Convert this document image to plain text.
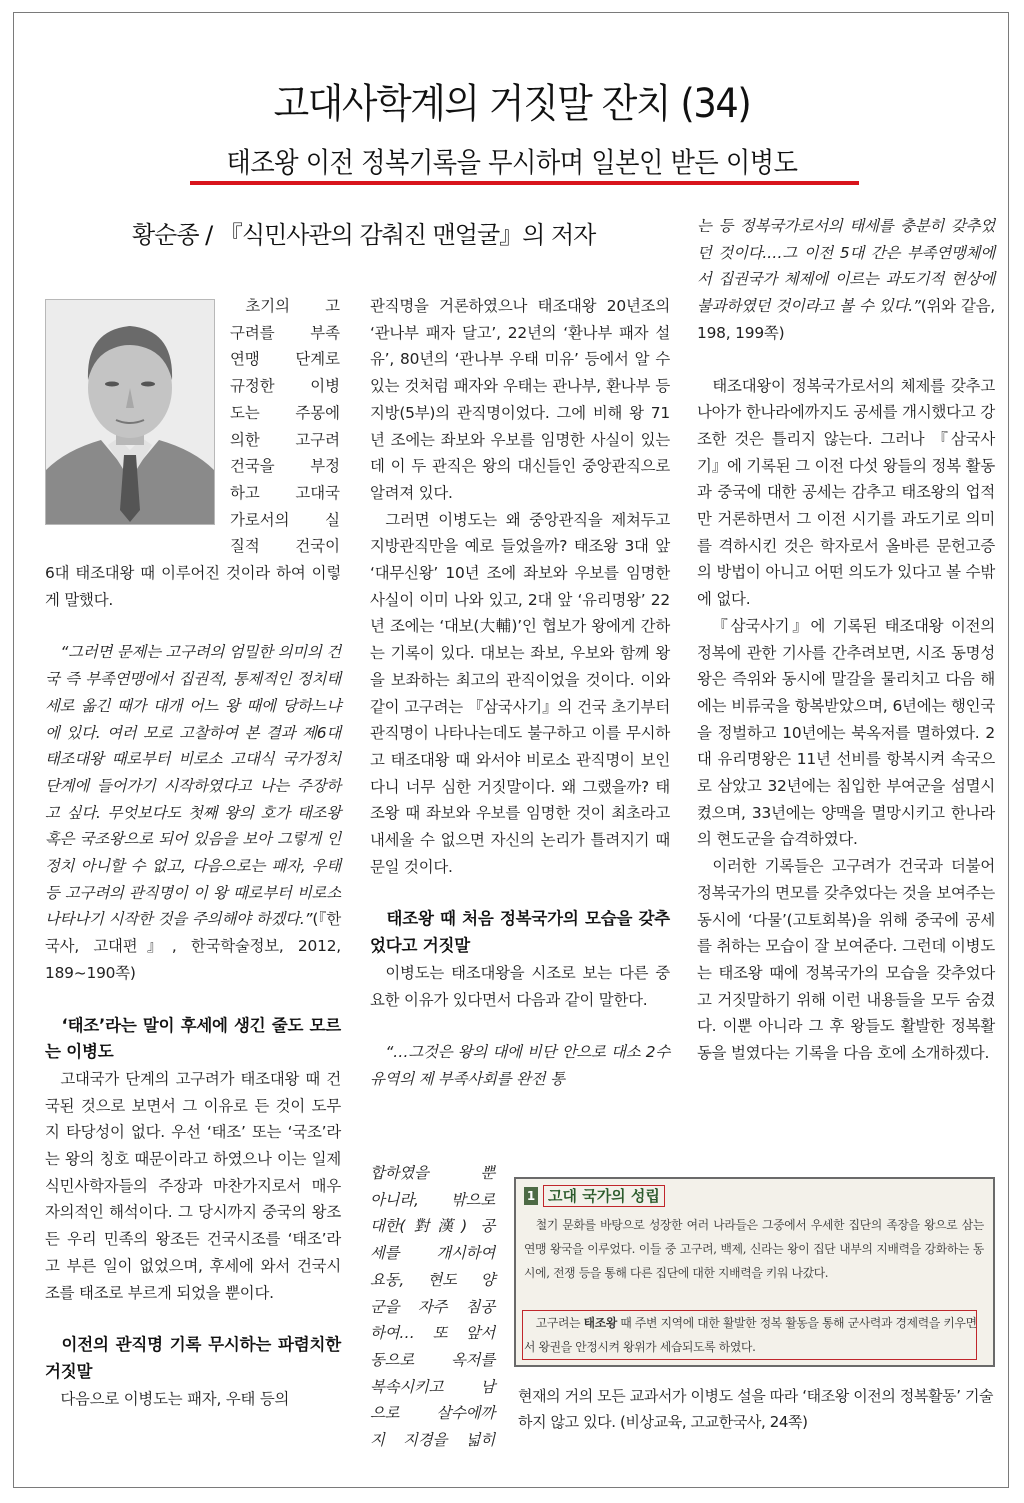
고대사학계의 거짓말 잔치 (34)
태조왕 이전 정복기록을 무시하며 일본인 받든 이병도
황순종 / 『식민사관의 감춰진 맨얼굴』의 저자
초기의 고
구려를 부족
연맹 단계로
규정한 이병
도는 주몽에
의한 고구려
건국을 부정
하고 고대국
가로서의 실
질적 건국이

6대 태조대왕 때 이루어진 것이라 하여 이렇게 말했다.

“그러면 문제는 고구려의 엄밀한 의미의 건국 즉 부족연맹에서 집권적, 통제적인 정치태세로 옮긴 때가 대개 어느 왕 때에 당하느냐에 있다. 여러 모로 고찰하여 본 결과 제6대 태조대왕 때로부터 비로소 고대식 국가정치 단계에 들어가기 시작하였다고 나는 주장하고 싶다. 무엇보다도 첫째 왕의 호가 태조왕 혹은 국조왕으로 되어 있음을 보아 그렇게 인정치 아니할 수 없고, 다음으로는 패자, 우태 등 고구려의 관직명이 이 왕 때로부터 비로소 나타나기 시작한 것을 주의해야 하겠다.”(『한국사, 고대편』, 한국학술정보, 2012, 189~190쪽)

‘태조’라는 말이 후세에 생긴 줄도 모르는 이병도

고대국가 단계의 고구려가 태조대왕 때 건국된 것으로 보면서 그 이유로 든 것이 도무지 타당성이 없다. 우선 ‘태조’ 또는 ‘국조’라는 왕의 칭호 때문이라고 하였으나 이는 일제 식민사학자들의 주장과 마찬가지로서 매우 자의적인 해석이다. 그 당시까지 중국의 왕조든 우리 민족의 왕조든 건국시조를 ‘태조’라고 부른 일이 없었으며, 후세에 와서 건국시조를 태조로 부르게 되었을 뿐이다.

이전의 관직명 기록 무시하는 파렴치한 거짓말

다음으로 이병도는 패자, 우태 등의

관직명을 거론하였으나 태조대왕 20년조의 ‘관나부 패자 달고’, 22년의 ‘환나부 패자 설유’, 80년의 ‘관나부 우태 미유’ 등에서 알 수 있는 것처럼 패자와 우태는 관나부, 환나부 등 지방(5부)의 관직명이었다. 그에 비해 왕 71년 조에는 좌보와 우보를 임명한 사실이 있는데 이 두 관직은 왕의 대신들인 중앙관직으로 알려져 있다.

그러면 이병도는 왜 중앙관직을 제쳐두고 지방관직만을 예로 들었을까? 태조왕 3대 앞 ‘대무신왕’ 10년 조에 좌보와 우보를 임명한 사실이 이미 나와 있고, 2대 앞 ‘유리명왕’ 22년 조에는 ‘대보(大輔)’인 협보가 왕에게 간하는 기록이 있다. 대보는 좌보, 우보와 함께 왕을 보좌하는 최고의 관직이었을 것이다. 이와 같이 고구려는 『삼국사기』의 건국 초기부터 관직명이 나타나는데도 불구하고 이를 무시하고 태조대왕 때 와서야 비로소 관직명이 보인다니 너무 심한 거짓말이다. 왜 그랬을까? 태조왕 때 좌보와 우보를 임명한 것이 최초라고 내세울 수 없으면 자신의 논리가 틀려지기 때문일 것이다.

태조왕 때 처음 정복국가의 모습을 갖추었다고 거짓말

이병도는 태조대왕을 시조로 보는 다른 중요한 이유가 있다면서 다음과 같이 말한다.

“…그것은 왕의 대에 비단 안으로 대소 2수 유역의 제 부족사회를 완전 통

합하였을 뿐
아니라, 밖으로
대한(對漢) 공
세를 개시하여
요동, 현도 양
군을 자주 침공
하여… 또 앞서
동으로 옥저를
복속시키고 남
으로 살수에까
지 지경을 넓히

는 등 정복국가로서의 태세를 충분히 갖추었던 것이다.…그 이전 5대 간은 부족연맹체에서 집권국가 체제에 이르는 과도기적 현상에 불과하였던 것이라고 볼 수 있다.”(위와 같음, 198, 199쪽)

태조대왕이 정복국가로서의 체제를 갖추고 나아가 한나라에까지도 공세를 개시했다고 강조한 것은 틀리지 않는다. 그러나 『삼국사기』에 기록된 그 이전 다섯 왕들의 정복 활동과 중국에 대한 공세는 감추고 태조왕의 업적만 거론하면서 그 이전 시기를 과도기로 의미를 격하시킨 것은 학자로서 올바른 문헌고증의 방법이 아니고 어떤 의도가 있다고 볼 수밖에 없다.

『삼국사기』에 기록된 태조대왕 이전의 정복에 관한 기사를 간추려보면, 시조 동명성왕은 즉위와 동시에 말갈을 물리치고 다음 해에는 비류국을 항복받았으며, 6년에는 행인국을 정벌하고 10년에는 북옥저를 멸하였다. 2대 유리명왕은 11년 선비를 항복시켜 속국으로 삼았고 32년에는 침입한 부여군을 섬멸시켰으며, 33년에는 양맥을 멸망시키고 한나라의 현도군을 습격하였다.

이러한 기록들은 고구려가 건국과 더불어 정복국가의 면모를 갖추었다는 것을 보여주는 동시에 ‘다물’(고토회복)을 위해 중국에 공세를 취하는 모습이 잘 보여준다. 그런데 이병도는 태조왕 때에 정복국가의 모습을 갖추었다고 거짓말하기 위해 이런 내용들을 모두 숨겼다. 이뿐 아니라 그 후 왕들도 활발한 정복활동을 벌였다는 기록을 다음 호에 소개하겠다.

1 고대 국가의 성립

철기 문화를 바탕으로 성장한 여러 나라들은 그중에서 우세한 집단의 족장을 왕으로 삼는 연맹 왕국을 이루었다. 이들 중 고구려, 백제, 신라는 왕이 집단 내부의 지배력을 강화하는 동시에, 전쟁 등을 통해 다른 집단에 대한 지배력을 키워 나갔다.

고구려는 태조왕 때 주변 지역에 대한 활발한 정복 활동을 통해 군사력과 경제력을 키우면서 왕권을 안정시켜 왕위가 세습되도록 하였다.
현재의 거의 모든 교과서가 이병도 설을 따라 ‘태조왕 이전의 정복활동’ 기술하지 않고 있다. (비상교육, 고교한국사, 24쪽)
